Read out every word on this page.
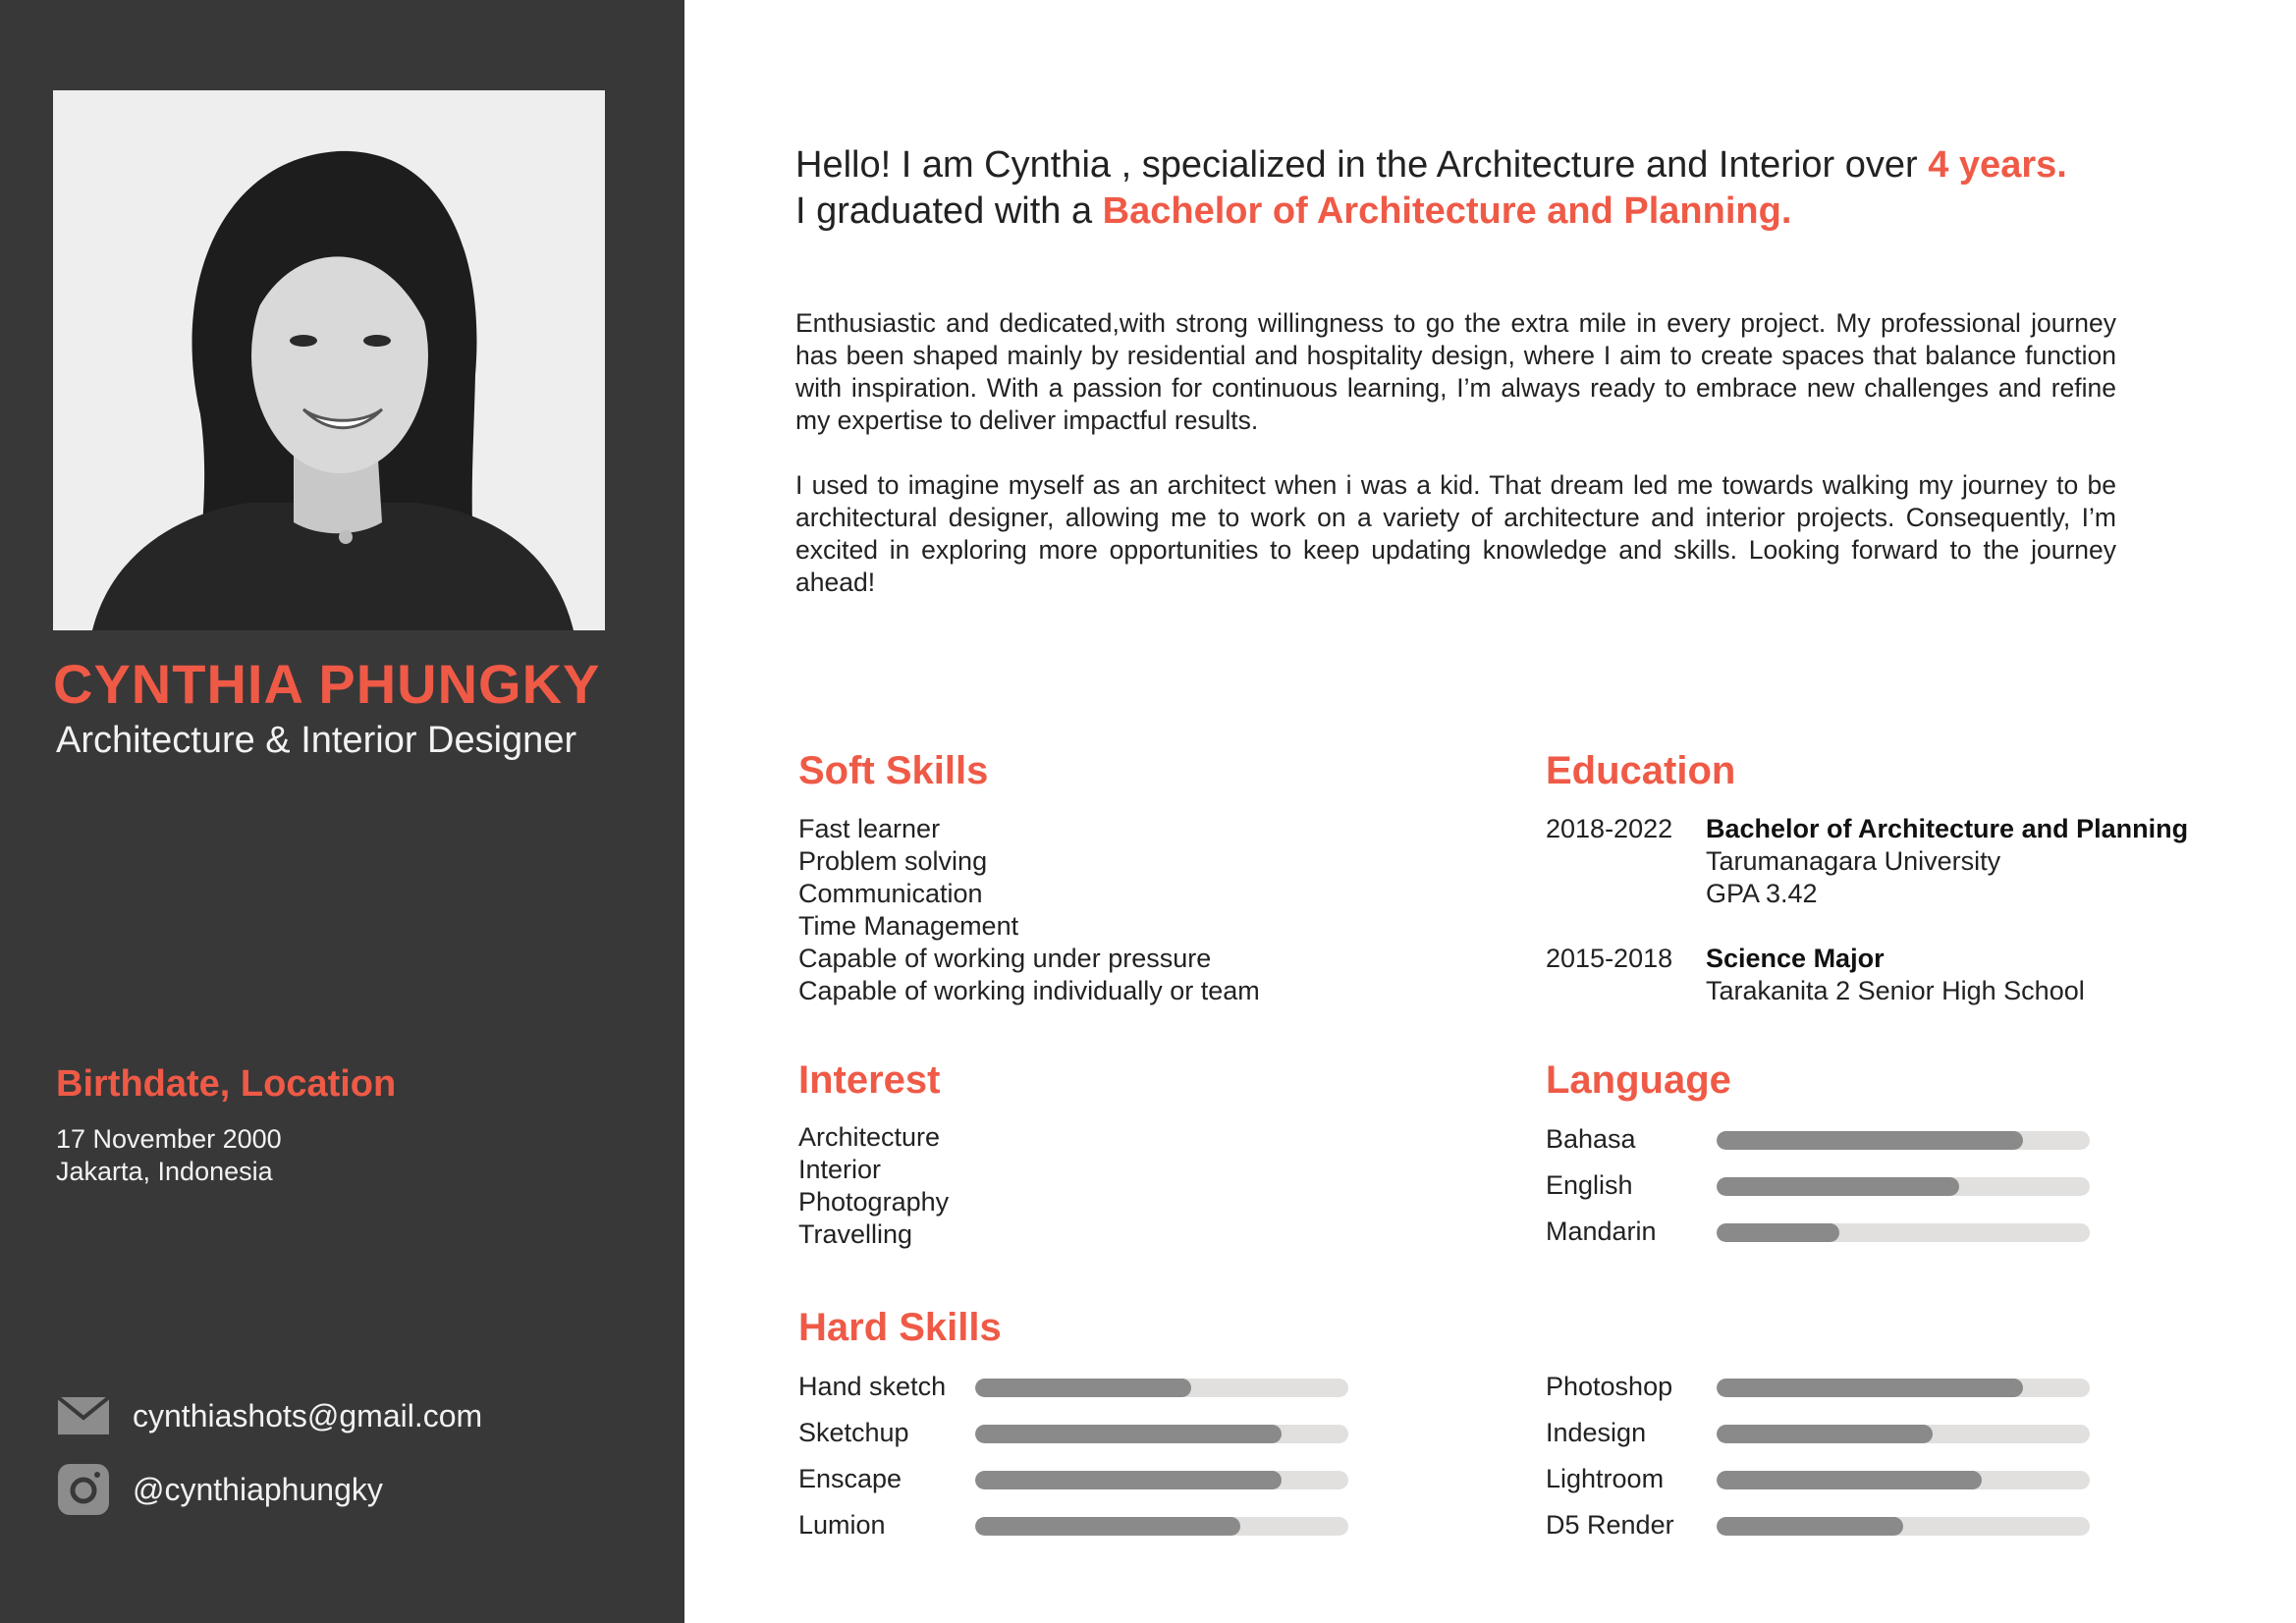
CYNTHIA PHUNGKY
Architecture & Interior Designer
Birthdate, Location
17 November 2000
Jakarta, Indonesia
cynthiashots@gmail.com
@cynthiaphungky
Hello! I am Cynthia , specialized in the Architecture and Interior over 4 years.
I graduated with a Bachelor of Architecture and Planning.

Enthusiastic and dedicated,with strong willingness to go the extra mile in every project. My professional journey has been shaped mainly by residential and hospitality design, where I aim to create spaces that balance function with inspiration. With a passion for continuous learning, I’m always ready to embrace new challenges and refine my expertise to deliver impactful results.

I used to imagine myself as an architect when i was a kid. That dream led me towards walking my journey to be architectural designer, allowing me to work on a variety of architecture and interior projects. Consequently, I’m excited in exploring more opportunities to keep updating knowledge and skills. Looking forward to the journey ahead!

Soft Skills
Fast learner
Problem solving
Communication
Time Management
Capable of working under pressure
Capable of working individually or team
Education
2018-2022 Bachelor of Architecture and Planning
Tarumanagara University
GPA 3.42
2015-2018 Science Major
Tarakanita 2 Senior High School
Interest
Architecture
Interior
Photography
Travelling
Language
Bahasa
English
Mandarin
Hard Skills
Hand sketch
Sketchup
Enscape
Lumion
Photoshop
Indesign
Lightroom
D5 Render
